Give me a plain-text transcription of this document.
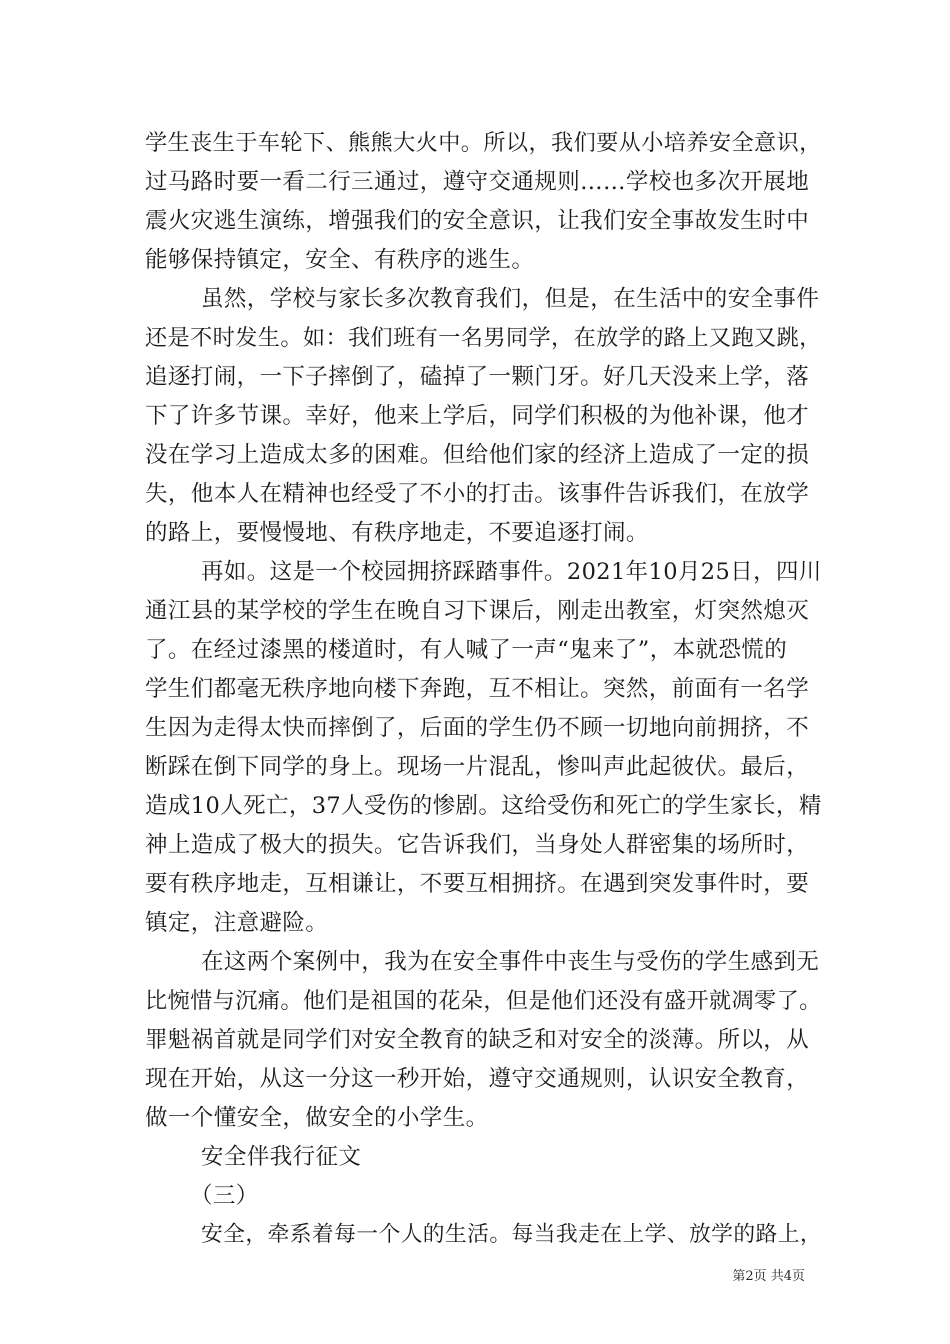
学生丧生于车轮下、熊熊大火中。所以，我们要从小培养安全意识，
过马路时要一看二行三通过，遵守交通规则……学校也多次开展地
震火灾逃生演练，增强我们的安全意识，让我们安全事故发生时中
能够保持镇定，安全、有秩序的逃生。
虽然，学校与家长多次教育我们，但是，在生活中的安全事件
还是不时发生。如：我们班有一名男同学，在放学的路上又跑又跳，
追逐打闹，一下子摔倒了，磕掉了一颗门牙。好几天没来上学，落
下了许多节课。幸好，他来上学后，同学们积极的为他补课，他才
没在学习上造成太多的困难。但给他们家的经济上造成了一定的损
失，他本人在精神也经受了不小的打击。该事件告诉我们，在放学
的路上，要慢慢地、有秩序地走，不要追逐打闹。
再如。这是一个校园拥挤踩踏事件。2021年10月25日，四川
通江县的某学校的学生在晚自习下课后，刚走出教室，灯突然熄灭
了。在经过漆黑的楼道时，有人喊了一声“鬼来了”，本就恐慌的
学生们都毫无秩序地向楼下奔跑，互不相让。突然，前面有一名学
生因为走得太快而摔倒了，后面的学生仍不顾一切地向前拥挤，不
断踩在倒下同学的身上。现场一片混乱，惨叫声此起彼伏。最后，
造成10人死亡，37人受伤的惨剧。这给受伤和死亡的学生家长，精
神上造成了极大的损失。它告诉我们，当身处人群密集的场所时，
要有秩序地走，互相谦让，不要互相拥挤。在遇到突发事件时，要
镇定，注意避险。
在这两个案例中，我为在安全事件中丧生与受伤的学生感到无
比惋惜与沉痛。他们是祖国的花朵，但是他们还没有盛开就凋零了。
罪魁祸首就是同学们对安全教育的缺乏和对安全的淡薄。所以，从
现在开始，从这一分这一秒开始，遵守交通规则，认识安全教育，
做一个懂安全，做安全的小学生。
安全伴我行征文
（三）
安全，牵系着每一个人的生活。每当我走在上学、放学的路上，
第2页 共4页
